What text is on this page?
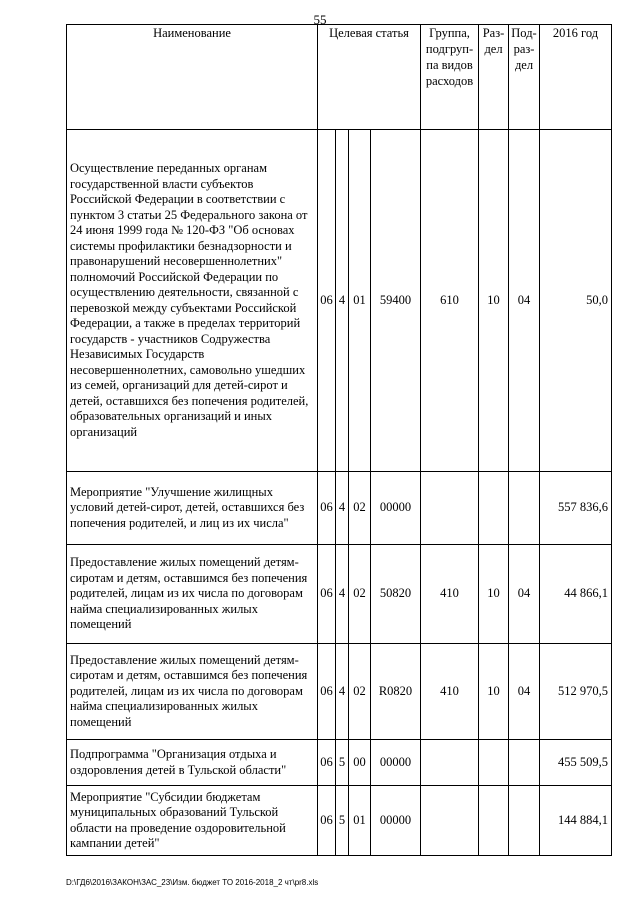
55
Наименование	Целевая статья				Группа, подгруп-па видов расходов	Раз-дел	Под-раз-дел	2016 год
Осуществление переданных органам государственной власти субъектов Российской Федерации в соответствии с пунктом 3 статьи 25 Федерального закона от 24 июня 1999 года № 120-ФЗ "Об основах системы профилактики безнадзорности и правонарушений несовершеннолетних" полномочий Российской Федерации по осуществлению деятельности, связанной с перевозкой между субъектами Российской Федерации, а также в пределах территорий государств - участников Содружества Независимых Государств несовершеннолетних, самовольно ушедших из семей, организаций для детей-сирот и детей, оставшихся без попечения родителей, образовательных организаций и иных организаций	06	4	01	59400	610	10	04	50,0
Мероприятие "Улучшение жилищных условий детей-сирот, детей, оставшихся без попечения родителей, и лиц из их числа"	06	4	02	00000				557 836,6
Предоставление жилых помещений детям-сиротам и детям, оставшимся без попечения родителей, лицам из их числа по договорам найма специализированных жилых помещений	06	4	02	50820	410	10	04	44 866,1
Предоставление жилых помещений детям-сиротам и детям, оставшимся без попечения родителей, лицам из их числа по договорам найма специализированных жилых помещений	06	4	02	R0820	410	10	04	512 970,5
Подпрограмма "Организация отдыха и оздоровления детей в Тульской области"	06	5	00	00000				455 509,5
Мероприятие "Субсидии бюджетам муниципальных образований Тульской области на проведение оздоровительной кампании детей"	06	5	01	00000				144 884,1
D:\ГД6\2016\ЗАКОН\ЗАС_23\Изм. бюджет ТО 2016-2018_2 чт\pr8.xls
